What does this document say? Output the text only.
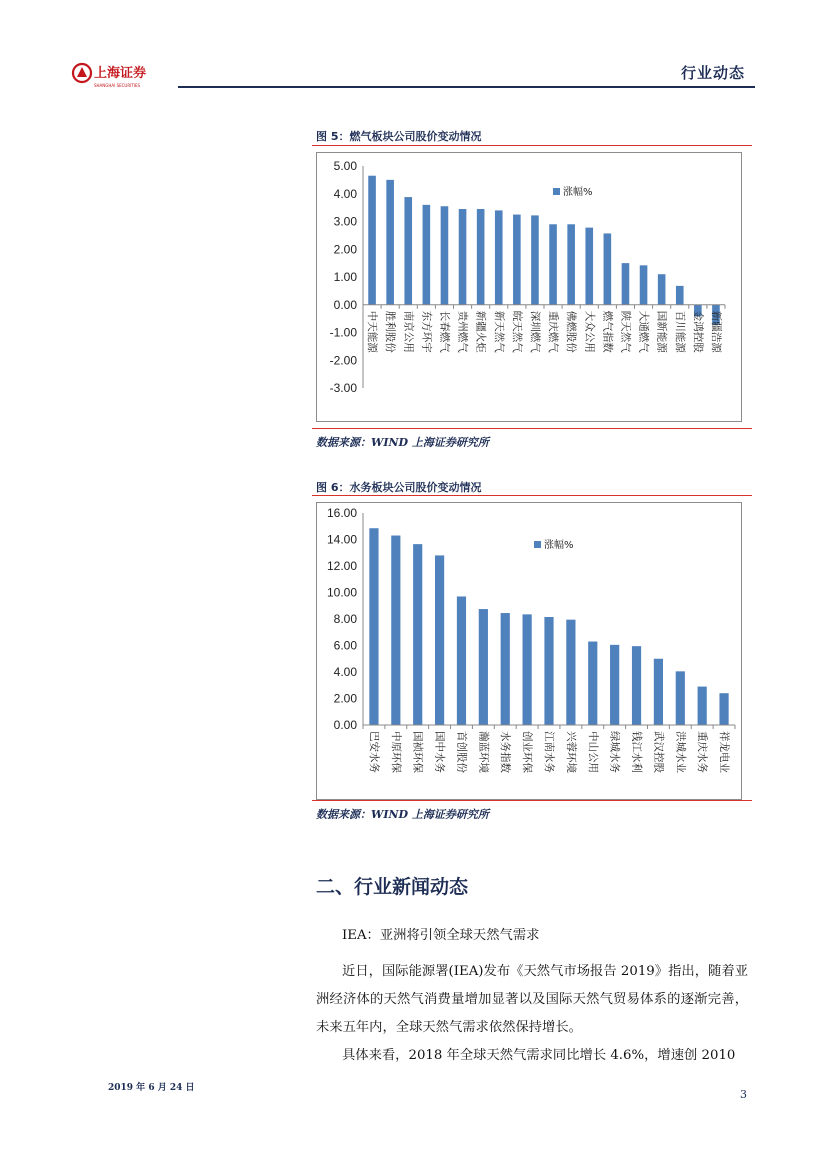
上海证券
SHANGHAI SECURITIES
行业动态
图 5：燃气板块公司股价变动情况
5.00
4.00
3.00
2.00
1.00
0.00
-1.00
-2.00
-3.00
中天能源 胜利股份 南京公用 东方环宇 长春燃气 贵州燃气 新疆火炬 新天然气 皖天然气 深圳燃气 重庆燃气 佛燃股份 大众公用 燃气指数 陕天然气 大通燃气 国新能源 百川能源 金鸿控股 新疆浩源
涨幅%
数据来源：WIND 上海证券研究所
图 6：水务板块公司股价变动情况
16.00
14.00
12.00
10.00
8.00
6.00
4.00
2.00
0.00
巴安水务 中原环保 国祯环保 国中水务 首创股份 瀚蓝环境 水务指数 创业环保 江南水务 兴蓉环境 中山公用 绿城水务 钱江水利 武汉控股 洪城水业 重庆水务 祥龙电业
涨幅%
数据来源：WIND 上海证券研究所
二、行业新闻动态
IEA：亚洲将引领全球天然气需求
近日，国际能源署(IEA)发布《天然气市场报告 2019》指出，随着亚洲经济体的天然气消费量增加显著以及国际天然气贸易体系的逐渐完善，未来五年内，全球天然气需求依然保持增长。
具体来看，2018 年全球天然气需求同比增长 4.6%，增速创 2010
2019 年 6 月 24 日	3
